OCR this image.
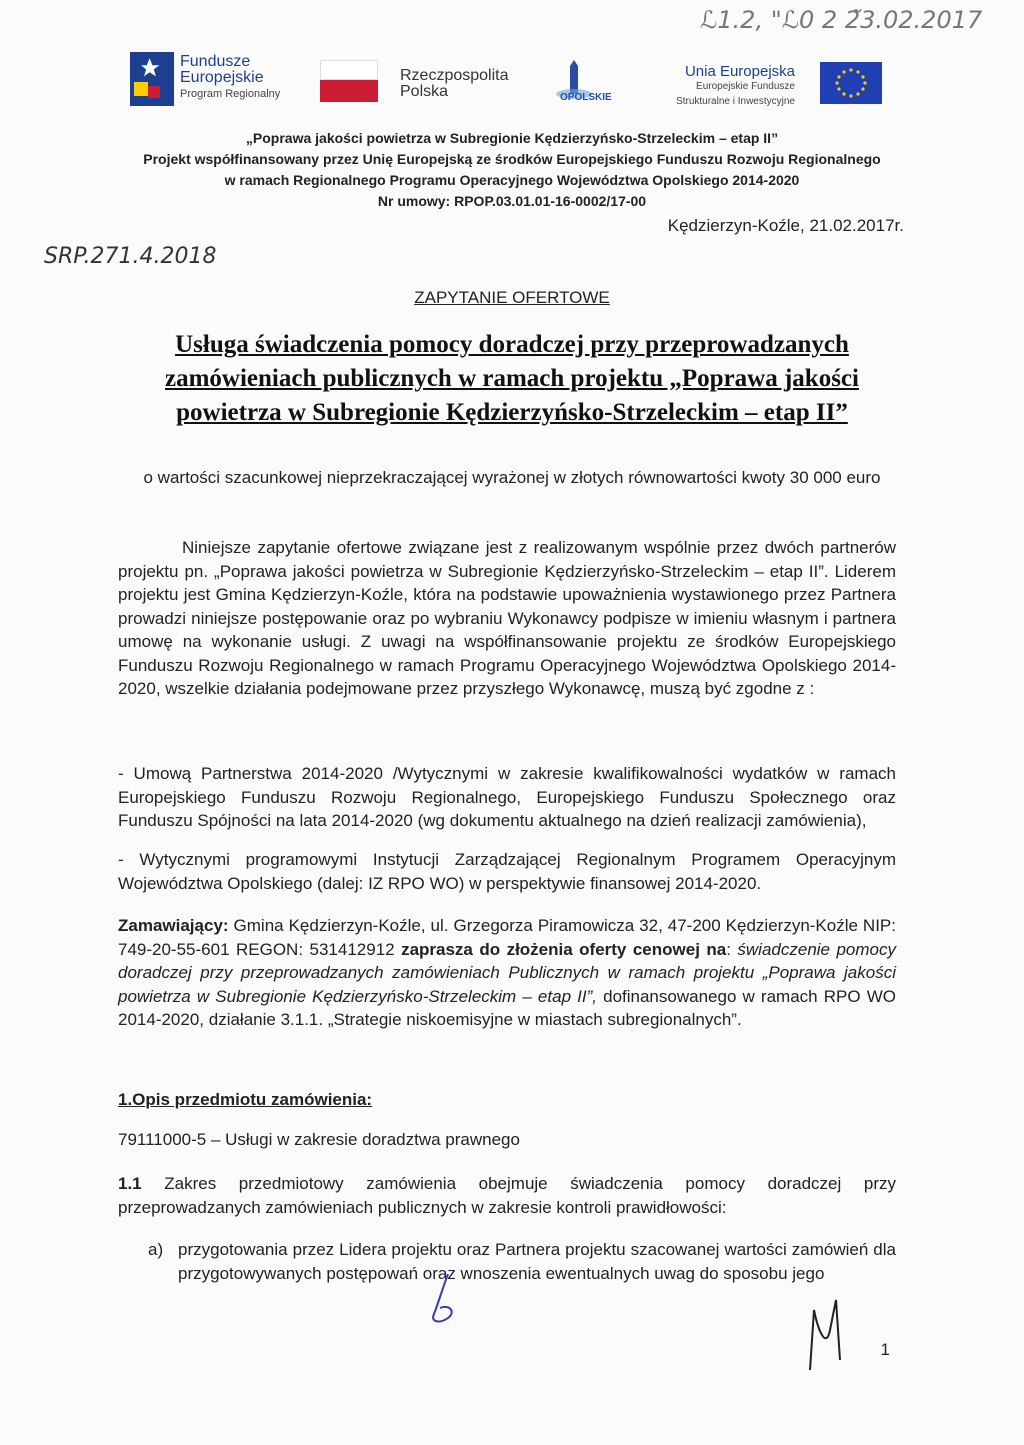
ℒ1.2, "ℒ0 2 2̃3.02.2017
Fundusze
Europejskie
Program Regionalny
Rzeczpospolita
Polska	OPOLSKIE
Unia Europejska
Europejskie Fundusze
Strukturalne i Inwestycyjne
„Poprawa jakości powietrza w Subregionie Kędzierzyńsko-Strzeleckim – etap II”
Projekt współfinansowany przez Unię Europejską ze środków Europejskiego Funduszu Rozwoju Regionalnego
w ramach Regionalnego Programu Operacyjnego Województwa Opolskiego 2014-2020
Nr umowy: RPOP.03.01.01-16-0002/17-00
Kędzierzyn-Koźle, 21.02.2017r.
SRP.271.4.2018
ZAPYTANIE OFERTOWE
Usługa świadczenia pomocy doradczej przy przeprowadzanych
zamówieniach publicznych w ramach projektu „Poprawa jakości
powietrza w Subregionie Kędzierzyńsko-Strzeleckim – etap II”
o wartości szacunkowej nieprzekraczającej wyrażonej w złotych równowartości kwoty 30 000 euro
Niniejsze zapytanie ofertowe związane jest z realizowanym wspólnie przez dwóch partnerów projektu pn. „Poprawa jakości powietrza w Subregionie Kędzierzyńsko-Strzeleckim – etap II”. Liderem projektu jest Gmina Kędzierzyn-Koźle, która na podstawie upoważnienia wystawionego przez Partnera prowadzi niniejsze postępowanie oraz po wybraniu Wykonawcy podpisze w imieniu własnym i partnera umowę na wykonanie usługi. Z uwagi na współfinansowanie projektu ze środków Europejskiego Funduszu Rozwoju Regionalnego w ramach Programu Operacyjnego Województwa Opolskiego 2014-2020, wszelkie działania podejmowane przez przyszłego Wykonawcę, muszą być zgodne z :
- Umową Partnerstwa 2014-2020 /Wytycznymi w zakresie kwalifikowalności wydatków w ramach Europejskiego Funduszu Rozwoju Regionalnego, Europejskiego Funduszu Społecznego oraz Funduszu Spójności na lata 2014-2020 (wg dokumentu aktualnego na dzień realizacji zamówienia),
- Wytycznymi programowymi Instytucji Zarządzającej Regionalnym Programem Operacyjnym Województwa Opolskiego (dalej: IZ RPO WO) w perspektywie finansowej 2014-2020.
Zamawiający: Gmina Kędzierzyn-Koźle, ul. Grzegorza Piramowicza 32, 47-200 Kędzierzyn-Koźle NIP: 749-20-55-601 REGON: 531412912 zaprasza do złożenia oferty cenowej na: świadczenie pomocy doradczej przy przeprowadzanych zamówieniach Publicznych w ramach projektu „Poprawa jakości powietrza w Subregionie Kędzierzyńsko-Strzeleckim – etap II”, dofinansowanego w ramach RPO WO 2014-2020, działanie 3.1.1. „Strategie niskoemisyjne w miastach subregionalnych”.
1.Opis przedmiotu zamówienia:
79111000-5 – Usługi w zakresie doradztwa prawnego
1.1 Zakres przedmiotowy zamówienia obejmuje świadczenia pomocy doradczej przy przeprowadzanych zamówieniach publicznych w zakresie kontroli prawidłowości:
a) przygotowania przez Lidera projektu oraz Partnera projektu szacowanej wartości zamówień dla przygotowywanych postępowań oraz wnoszenia ewentualnych uwag do sposobu jego
1
